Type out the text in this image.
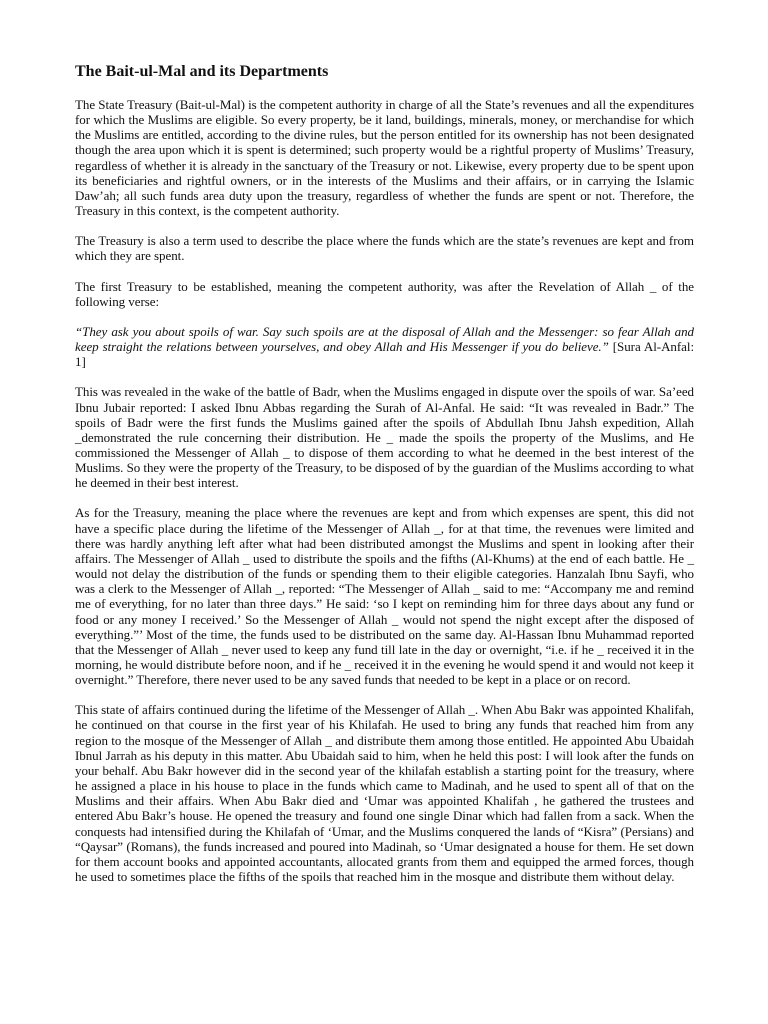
The Bait-ul-Mal and its Departments

The State Treasury (Bait-ul-Mal) is the competent authority in charge of all the State’s revenues and all the expenditures for which the Muslims are eligible. So every property, be it land, buildings, minerals, money, or merchandise for which the Muslims are entitled, according to the divine rules, but the person entitled for its ownership has not been designated though the area upon which it is spent is determined; such property would be a rightful property of Muslims’ Treasury, regardless of whether it is already in the sanctuary of the Treasury or not. Likewise, every property due to be spent upon its beneficiaries and rightful owners, or in the interests of the Muslims and their affairs, or in carrying the Islamic Daw’ah; all such funds area duty upon the treasury, regardless of whether the funds are spent or not. Therefore, the Treasury in this context, is the competent authority.

The Treasury is also a term used to describe the place where the funds which are the state’s revenues are kept and from which they are spent.

The first Treasury to be established, meaning the competent authority, was after the Revelation of Allah _ of the following verse:

“They ask you about spoils of war. Say such spoils are at the disposal of Allah and the Messenger: so fear Allah and keep straight the relations between yourselves, and obey Allah and His Messenger if you do believe.” [Sura Al-Anfal: 1]

This was revealed in the wake of the battle of Badr, when the Muslims engaged in dispute over the spoils of war. Sa’eed Ibnu Jubair reported: I asked Ibnu Abbas regarding the Surah of Al-Anfal. He said: “It was revealed in Badr.” The spoils of Badr were the first funds the Muslims gained after the spoils of Abdullah Ibnu Jahsh expedition, Allah _demonstrated the rule concerning their distribution. He _ made the spoils the property of the Muslims, and He commissioned the Messenger of Allah _ to dispose of them according to what he deemed in the best interest of the Muslims. So they were the property of the Treasury, to be disposed of by the guardian of the Muslims according to what he deemed in their best interest.

As for the Treasury, meaning the place where the revenues are kept and from which expenses are spent, this did not have a specific place during the lifetime of the Messenger of Allah _, for at that time, the revenues were limited and there was hardly anything left after what had been distributed amongst the Muslims and spent in looking after their affairs. The Messenger of Allah _ used to distribute the spoils and the fifths (Al-Khums) at the end of each battle. He _ would not delay the distribution of the funds or spending them to their eligible categories. Hanzalah Ibnu Sayfi, who was a clerk to the Messenger of Allah _, reported: “The Messenger of Allah _ said to me: “Accompany me and remind me of everything, for no later than three days.” He said: ‘so I kept on reminding him for three days about any fund or food or any money I received.’ So the Messenger of Allah _ would not spend the night except after the disposed of everything.”’ Most of the time, the funds used to be distributed on the same day. Al-Hassan Ibnu Muhammad reported that the Messenger of Allah _ never used to keep any fund till late in the day or overnight, “i.e. if he _ received it in the morning, he would distribute before noon, and if he _ received it in the evening he would spend it and would not keep it overnight.” Therefore, there never used to be any saved funds that needed to be kept in a place or on record.

This state of affairs continued during the lifetime of the Messenger of Allah _. When Abu Bakr was appointed Khalifah, he continued on that course in the first year of his Khilafah. He used to bring any funds that reached him from any region to the mosque of the Messenger of Allah _ and distribute them among those entitled. He appointed Abu Ubaidah Ibnul Jarrah as his deputy in this matter. Abu Ubaidah said to him, when he held this post: I will look after the funds on your behalf. Abu Bakr however did in the second year of the khilafah establish a starting point for the treasury, where he assigned a place in his house to place in the funds which came to Madinah, and he used to spent all of that on the Muslims and their affairs. When Abu Bakr died and ‘Umar was appointed Khalifah , he gathered the trustees and entered Abu Bakr’s house. He opened the treasury and found one single Dinar which had fallen from a sack. When the conquests had intensified during the Khilafah of ‘Umar, and the Muslims conquered the lands of “Kisra” (Persians) and “Qaysar” (Romans), the funds increased and poured into Madinah, so ‘Umar designated a house for them. He set down for them account books and appointed accountants, allocated grants from them and equipped the armed forces, though he used to sometimes place the fifths of the spoils that reached him in the mosque and distribute them without delay.
